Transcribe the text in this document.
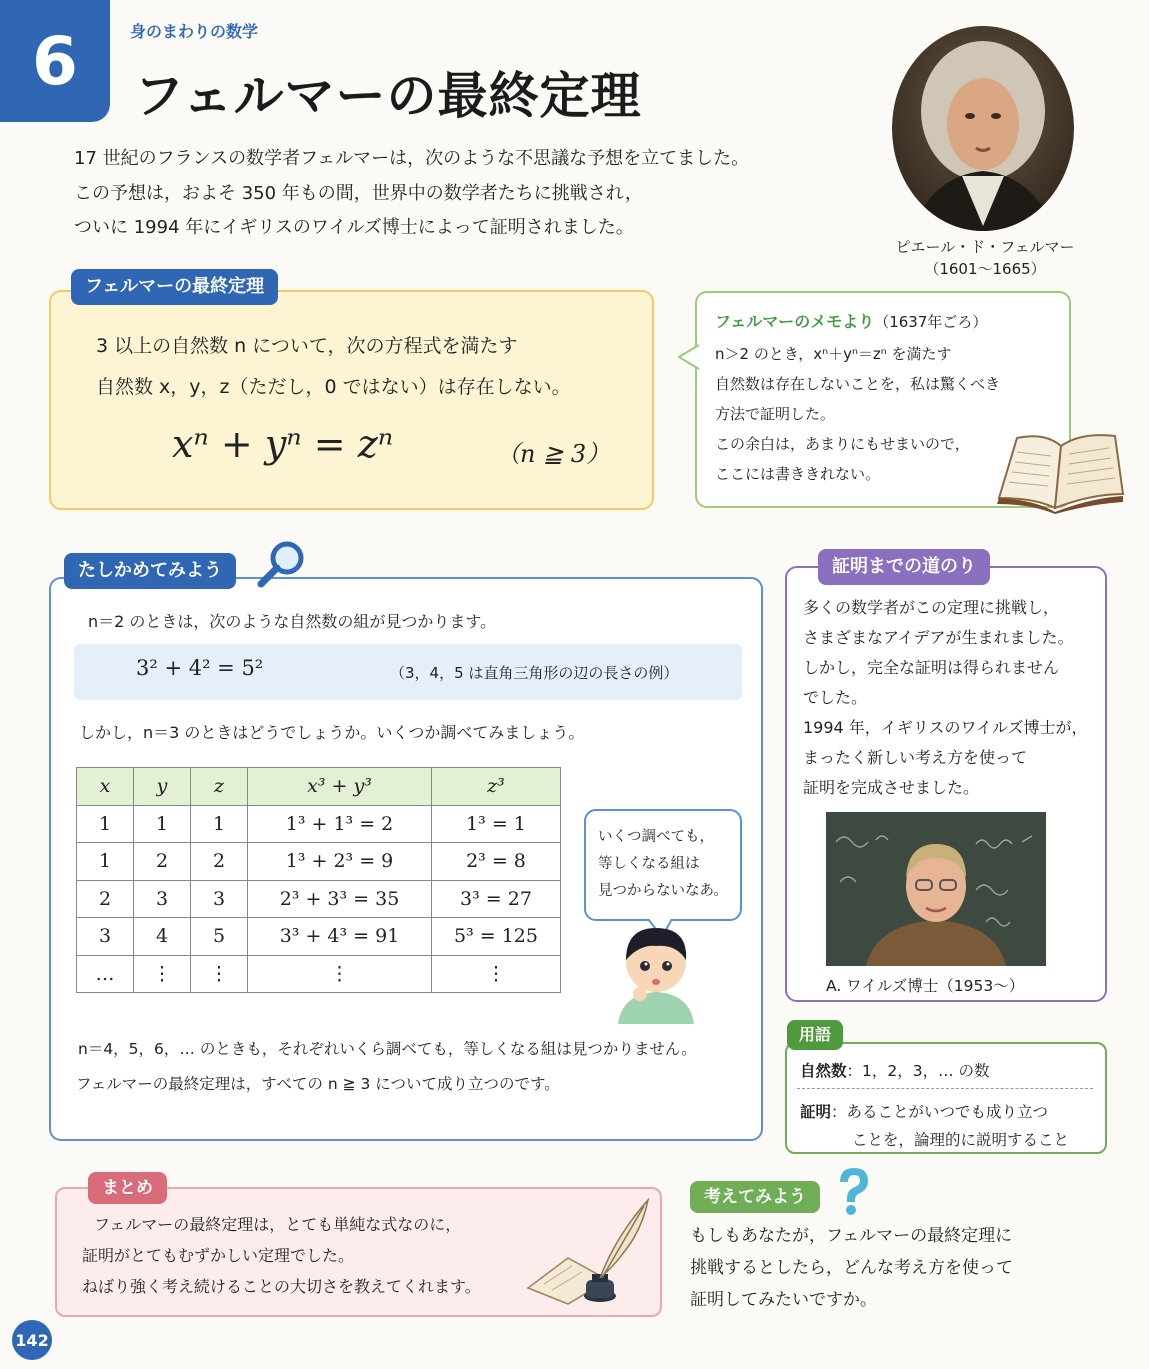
6	身のまわりの数学
フェルマーの最終定理
17 世紀のフランスの数学者フェルマーは，次のような不思議な予想を立てました。
この予想は，およそ 350 年もの間，世界中の数学者たちに挑戦され，
ついに 1994 年にイギリスのワイルズ博士によって証明されました。
ピエール・ド・フェルマー
（1601〜1665）
フェルマーの最終定理
3 以上の自然数 n について，次の方程式を満たす
自然数 x，y，z（ただし，0 ではない）は存在しない。
xⁿ + yⁿ = zⁿ	（n ≧ 3）
フェルマーのメモより（1637年ごろ）
n＞2 のとき，xⁿ＋yⁿ＝zⁿ を満たす
自然数は存在しないことを，私は驚くべき
方法で証明した。
この余白は，あまりにもせまいので，
ここには書ききれない。
たしかめてみよう
n＝2 のときは，次のような自然数の組が見つかります。
3² + 4² = 5²	（3，4，5 は直角三角形の辺の長さの例）
しかし，n＝3 のときはどうでしょうか。いくつか調べてみましょう。
x	y	z	x³ + y³	z³
1	1	1	1³ + 1³ = 2	1³ = 1
1	2	2	1³ + 2³ = 9	2³ = 8
2	3	3	2³ + 3³ = 35	3³ = 27
3	4	5	3³ + 4³ = 91	5³ = 125
…	⋮	⋮	⋮	⋮
いくつ調べても，
等しくなる組は
見つからないなあ。
n＝4，5，6，… のときも，それぞれいくら調べても，等しくなる組は見つかりません。
フェルマーの最終定理は，すべての n ≧ 3 について成り立つのです。
証明までの道のり
多くの数学者がこの定理に挑戦し，
さまざまなアイデアが生まれました。
しかし，完全な証明は得られません
でした。
1994 年，イギリスのワイルズ博士が，
まったく新しい考え方を使って
証明を完成させました。
A. ワイルズ博士（1953〜）
用語
自然数：1，2，3，… の数
証明：あることがいつでも成り立つ
ことを，論理的に説明すること
まとめ
フェルマーの最終定理は，とても単純な式なのに，
証明がとてもむずかしい定理でした。
ねばり強く考え続けることの大切さを教えてくれます。
考えてみよう
もしもあなたが，フェルマーの最終定理に
挑戦するとしたら，どんな考え方を使って
証明してみたいですか。
142
